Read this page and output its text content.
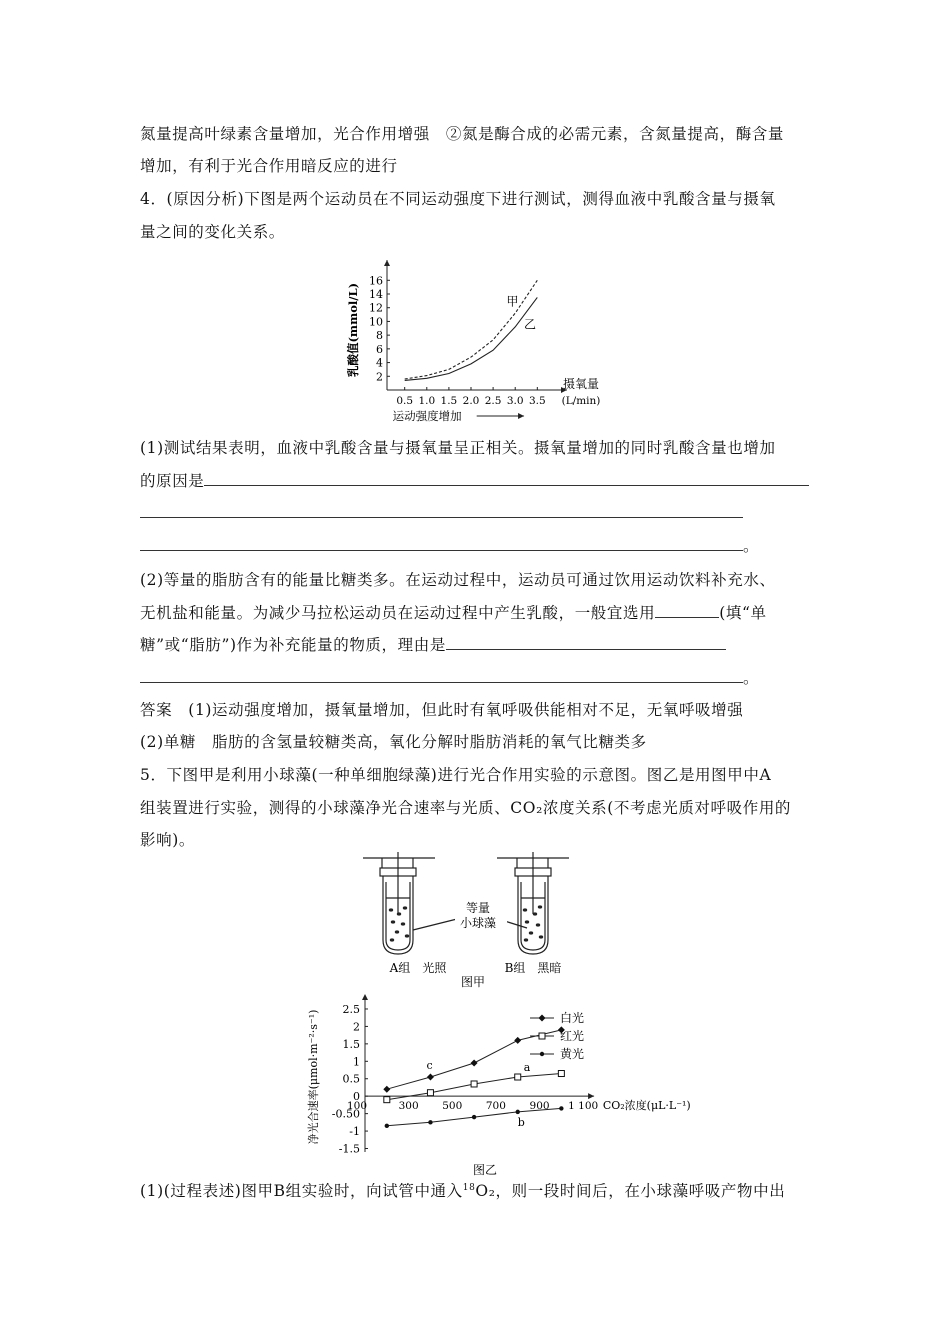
氮量提高叶绿素含量增加，光合作用增强　②氮是酶合成的必需元素，含氮量提高，酶含量
增加，有利于光合作用暗反应的进行
4．(原因分析)下图是两个运动员在不同运动强度下进行测试，测得血液中乳酸含量与摄氧
量之间的变化关系。
2
4
6
8
10
12
14
16
0.5 1.0 1.5 2.0 2.5 3.0 3.5
摄氧量
(L/min)
乳酸值(mmol/L)
运动强度增加
甲
乙
(1)测试结果表明，血液中乳酸含量与摄氧量呈正相关。摄氧量增加的同时乳酸含量也增加
的原因是
。
(2)等量的脂肪含有的能量比糖类多。在运动过程中，运动员可通过饮用运动饮料补充水、
无机盐和能量。为减少马拉松运动员在运动过程中产生乳酸，一般宜选用	(填“单
糖”或“脂肪”)作为补充能量的物质，理由是
。
答案　(1)运动强度增加，摄氧量增加，但此时有氧呼吸供能相对不足，无氧呼吸增强
(2)单糖　脂肪的含氢量较糖类高，氧化分解时脂肪消耗的氧气比糖类多
5．下图甲是利用小球藻(一种单细胞绿藻)进行光合作用实验的示意图。图乙是用图甲中A
组装置进行实验，测得的小球藻净光合速率与光质、CO₂浓度关系(不考虑光质对呼吸作用的
影响)。
等量
小球藻
A组　光照	B组　黑暗
图甲
-1.5
-1
-0.50
0
0.5
1
1.5
2
2.5
100	300 500 700 900 1 100 CO₂浓度(μL·L⁻¹)
净光合速率(μmol·m⁻²·s⁻¹)
图乙
白光
红光
黄光
c	a
b
(1)(过程表述)图甲B组实验时，向试管中通入$^{18}$O₂，则一段时间后，在小球藻呼吸产物中出
